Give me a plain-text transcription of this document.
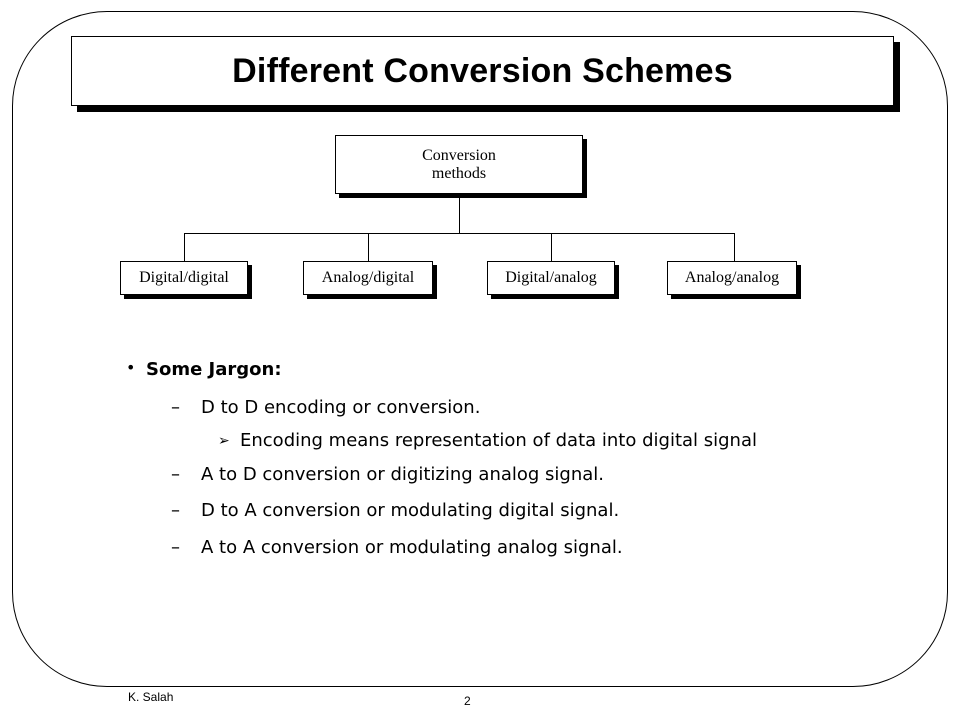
Different Conversion Schemes
Conversion
methods
Digital/digital	Analog/digital	Digital/analog	Analog/analog
• Some Jargon:
– D to D encoding or conversion.
➢ Encoding means representation of data into digital signal
– A to D conversion or digitizing analog signal.
– D to A conversion or modulating digital signal.
– A to A conversion or modulating analog signal.
K. Salah	2
